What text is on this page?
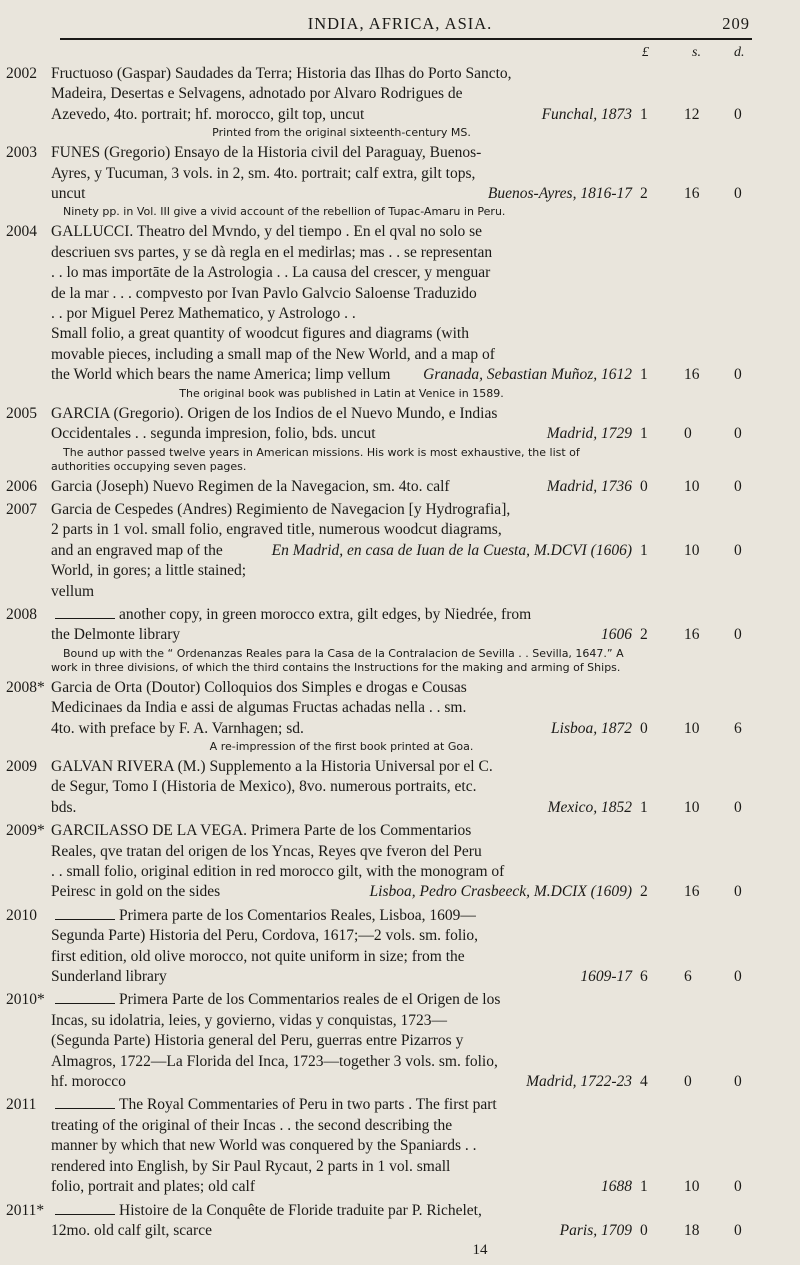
INDIA, AFRICA, ASIA.	209
£	s. d.
2002 Fructuoso (Gaspar) Saudades da Terra; Historia das Ilhas do Porto Sancto,
Madeira, Desertas e Selvagens, adnotado por Alvaro Rodrigues de
Azevedo, 4to. portrait; hf. morocco, gilt top, uncut	Funchal, 1873 1 12 0
Printed from the original sixteenth-century MS.
2003 FUNES (Gregorio) Ensayo de la Historia civil del Paraguay, Buenos-
Ayres, y Tucuman, 3 vols. in 2, sm. 4to. portrait; calf extra, gilt tops,
uncut	Buenos-Ayres, 1816-17 2 16 0
Ninety pp. in Vol. III give a vivid account of the rebellion of Tupac-Amaru in Peru.
2004 GALLUCCI. Theatro del Mvndo, y del tiempo . En el qval no solo se
descriuen svs partes, y se dà regla en el medirlas; mas . . se representan
. . lo mas importāte de la Astrologia . . La causa del crescer, y menguar
de la mar . . . compvesto por Ivan Pavlo Galvcio Saloense Traduzido
. . por Miguel Perez Mathematico, y Astrologo . .
Small folio, a great quantity of woodcut figures and diagrams (with
movable pieces, including a small map of the New World, and a map of
the World which bears the name America; limp vellum	Granada, Sebastian Muñoz, 1612 1 16 0
The original book was published in Latin at Venice in 1589.
2005 GARCIA (Gregorio). Origen de los Indios de el Nuevo Mundo, e Indias
Occidentales . . segunda impresion, folio, bds. uncut	Madrid, 1729 1 0	0
The author passed twelve years in American missions. His work is most exhaustive, the list of authorities occupying seven pages.
2006 Garcia (Joseph) Nuevo Regimen de la Navegacion, sm. 4to. calf	Madrid, 1736 0 10 0
2007 Garcia de Cespedes (Andres) Regimiento de Navegacion [y Hydrografia],
2 parts in 1 vol. small folio, engraved title, numerous woodcut diagrams,
and an engraved map of the World, in gores; a little stained; vellum
En Madrid, en casa de Iuan de la Cuesta, M.DCVI (1606) 1 10 0
2008	another copy, in green morocco extra, gilt edges, by Niedrée, from
the Delmonte library	1606 2 16 0
Bound up with the “ Ordenanzas Reales para la Casa de la Contralacion de Sevilla . . Sevilla, 1647.” A work in three divisions, of which the third contains the Instructions for the making and arming of Ships.
2008* Garcia de Orta (Doutor) Colloquios dos Simples e drogas e Cousas
Medicinaes da India e assi de algumas Fructas achadas nella . . sm.
4to. with preface by F. A. Varnhagen; sd.	Lisboa, 1872 0 10 6
A re-impression of the first book printed at Goa.
2009 GALVAN RIVERA (M.) Supplemento a la Historia Universal por el C.
de Segur, Tomo I (Historia de Mexico), 8vo. numerous portraits, etc.
bds.	Mexico, 1852 1 10 0
2009* GARCILASSO DE LA VEGA. Primera Parte de los Commentarios
Reales, qve tratan del origen de los Yncas, Reyes qve fveron del Peru
. . small folio, original edition in red morocco gilt, with the monogram of
Peiresc in gold on the sides	Lisboa, Pedro Crasbeeck, M.DCIX (1609) 2 16 0
2010	Primera parte de los Comentarios Reales, Lisboa, 1609—
Segunda Parte) Historia del Peru, Cordova, 1617;—2 vols. sm. folio,
first edition, old olive morocco, not quite uniform in size; from the
Sunderland library	1609-17 6 6	0
2010*	Primera Parte de los Commentarios reales de el Origen de los
Incas, su idolatria, leies, y govierno, vidas y conquistas, 1723—
(Segunda Parte) Historia general del Peru, guerras entre Pizarros y
Almagros, 1722—La Florida del Inca, 1723—together 3 vols. sm. folio,
hf. morocco	Madrid, 1722-23 4 0	0
2011	The Royal Commentaries of Peru in two parts . The first part
treating of the original of their Incas . . the second describing the
manner by which that new World was conquered by the Spaniards . .
rendered into English, by Sir Paul Rycaut, 2 parts in 1 vol. small
folio, portrait and plates; old calf	1688 1 10 0
2011*	Histoire de la Conquête de Floride traduite par P. Richelet,
12mo. old calf gilt, scarce	Paris, 1709 0 18 0
14
